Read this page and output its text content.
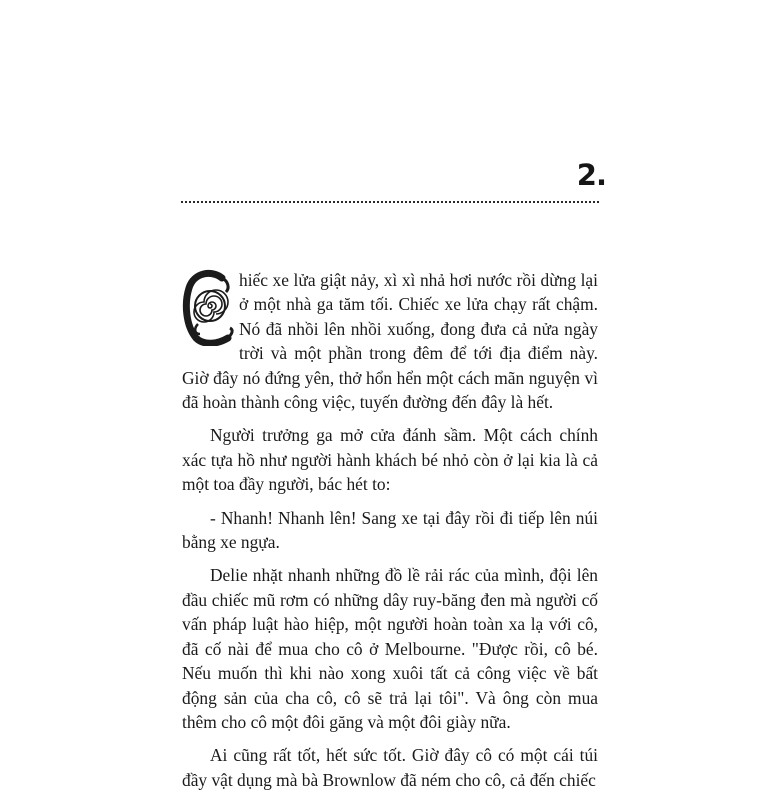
2.

hiếc xe lửa giật nảy, xì xì nhả hơi nước rồi dừng lại ở một nhà ga tăm tối. Chiếc xe lửa chạy rất chậm. Nó đã nhồi lên nhồi xuống, đong đưa cả nửa ngày trời và một phần trong đêm để tới địa điểm này. Giờ đây nó đứng yên, thở hổn hển một cách mãn nguyện vì đã hoàn thành công việc, tuyến đường đến đây là hết.

Người trưởng ga mở cửa đánh sầm. Một cách chính xác tựa hồ như người hành khách bé nhỏ còn ở lại kia là cả một toa đầy người, bác hét to:

- Nhanh! Nhanh lên! Sang xe tại đây rồi đi tiếp lên núi bằng xe ngựa.

Delie nhặt nhanh những đồ lề rải rác của mình, đội lên đầu chiếc mũ rơm có những dây ruy-băng đen mà người cố vấn pháp luật hào hiệp, một người hoàn toàn xa lạ với cô, đã cố nài để mua cho cô ở Melbourne. "Được rồi, cô bé. Nếu muốn thì khi nào xong xuôi tất cả công việc về bất động sản của cha cô, cô sẽ trả lại tôi". Và ông còn mua thêm cho cô một đôi găng và một đôi giày nữa.

Ai cũng rất tốt, hết sức tốt. Giờ đây cô có một cái túi đầy vật dụng mà bà Brownlow đã ném cho cô, cả đến chiếc
